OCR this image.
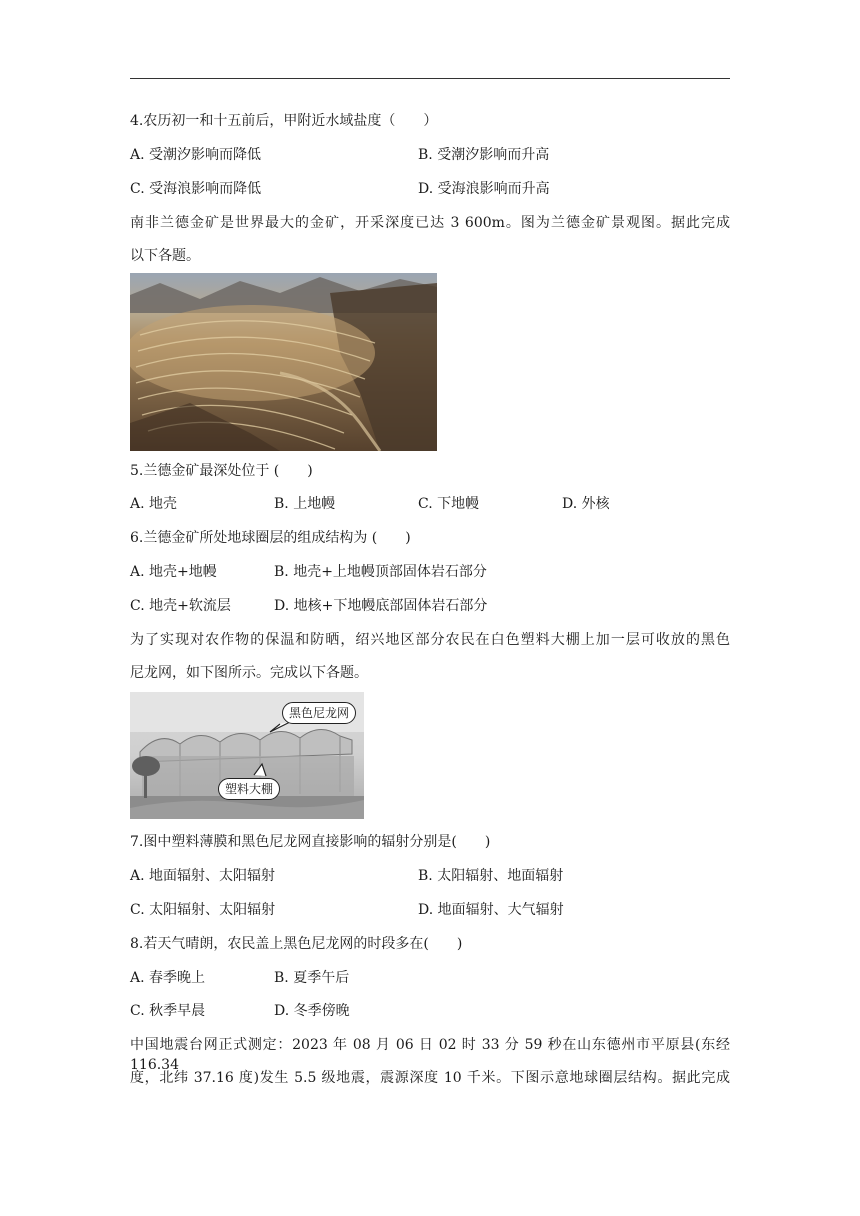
4.农历初一和十五前后，甲附近水域盐度（　　）
A. 受潮汐影响而降低	B. 受潮汐影响而升高
C. 受海浪影响而降低	D. 受海浪影响而升高
南非兰德金矿是世界最大的金矿，开采深度已达 3 600m。图为兰德金矿景观图。据此完成
以下各题。
5.兰德金矿最深处位于 (　　)
A. 地壳	B. 上地幔	C. 下地幔	D. 外核
6.兰德金矿所处地球圈层的组成结构为 (　　)
A. 地壳+地幔	B. 地壳+上地幔顶部固体岩石部分
C. 地壳+软流层	D. 地核+下地幔底部固体岩石部分
为了实现对农作物的保温和防晒，绍兴地区部分农民在白色塑料大棚上加一层可收放的黑色
尼龙网，如下图所示。完成以下各题。
黑色尼龙网
塑料大棚
7.图中塑料薄膜和黑色尼龙网直接影响的辐射分别是(　　)
A. 地面辐射、太阳辐射	B. 太阳辐射、地面辐射
C. 太阳辐射、太阳辐射	D. 地面辐射、大气辐射
8.若天气晴朗，农民盖上黑色尼龙网的时段多在(　　)
A. 春季晚上	B. 夏季午后
C. 秋季早晨	D. 冬季傍晚
中国地震台网正式测定：2023 年 08 月 06 日 02 时 33 分 59 秒在山东德州市平原县(东经 116.34
度，北纬 37.16 度)发生 5.5 级地震，震源深度 10 千米。下图示意地球圈层结构。据此完成
